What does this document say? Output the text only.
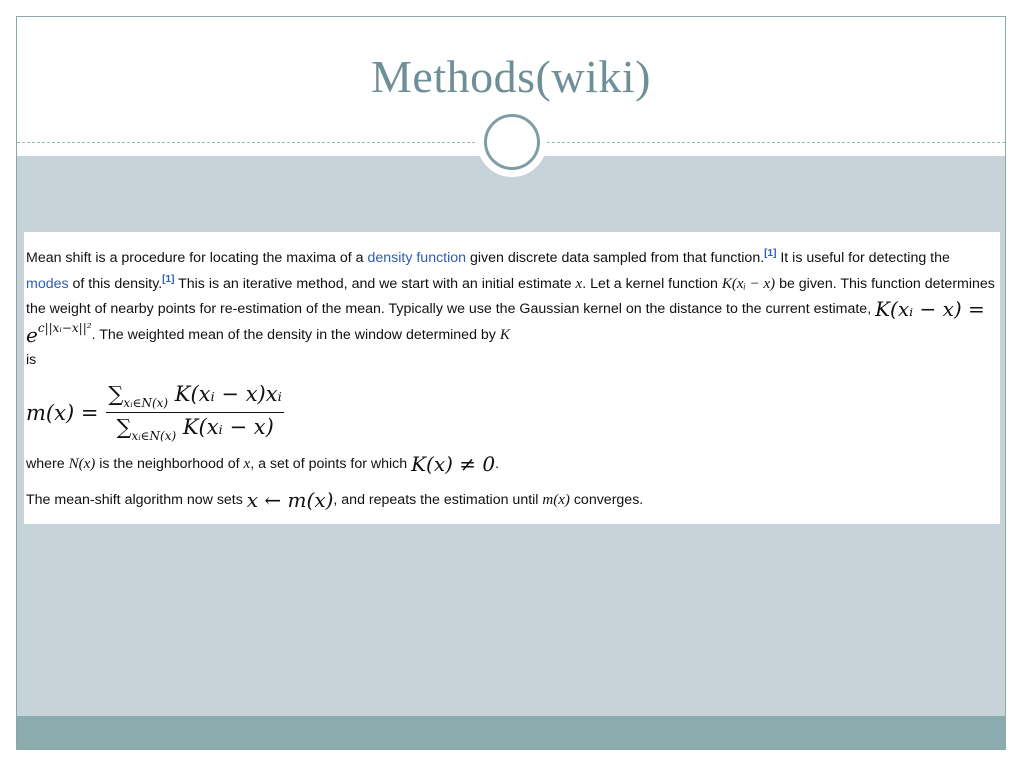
Methods(wiki)

Mean shift is a procedure for locating the maxima of a density function given discrete data sampled from that function.[1] It is useful for detecting the modes of this density.[1] This is an iterative method, and we start with an initial estimate x. Let a kernel function K(xᵢ − x) be given. This function determines the weight of nearby points for re-estimation of the mean. Typically we use the Gaussian kernel on the distance to the current estimate, K(xᵢ − $x) = e^{c||xᵢ-x||^2}$. The weighted mean of the density in the window determined by K
is

$m(x) = \frac{\sum_{xᵢ\in N(x)} K(xᵢ - x)xᵢ}{\sum_{xᵢ\in N(x)} K(xᵢ - x)}$
where N(x) is the neighborhood of x, a set of points for which K(x) ≠ 0.
The mean-shift algorithm now sets x ← m(x), and repeats the estimation until m(x) converges.
